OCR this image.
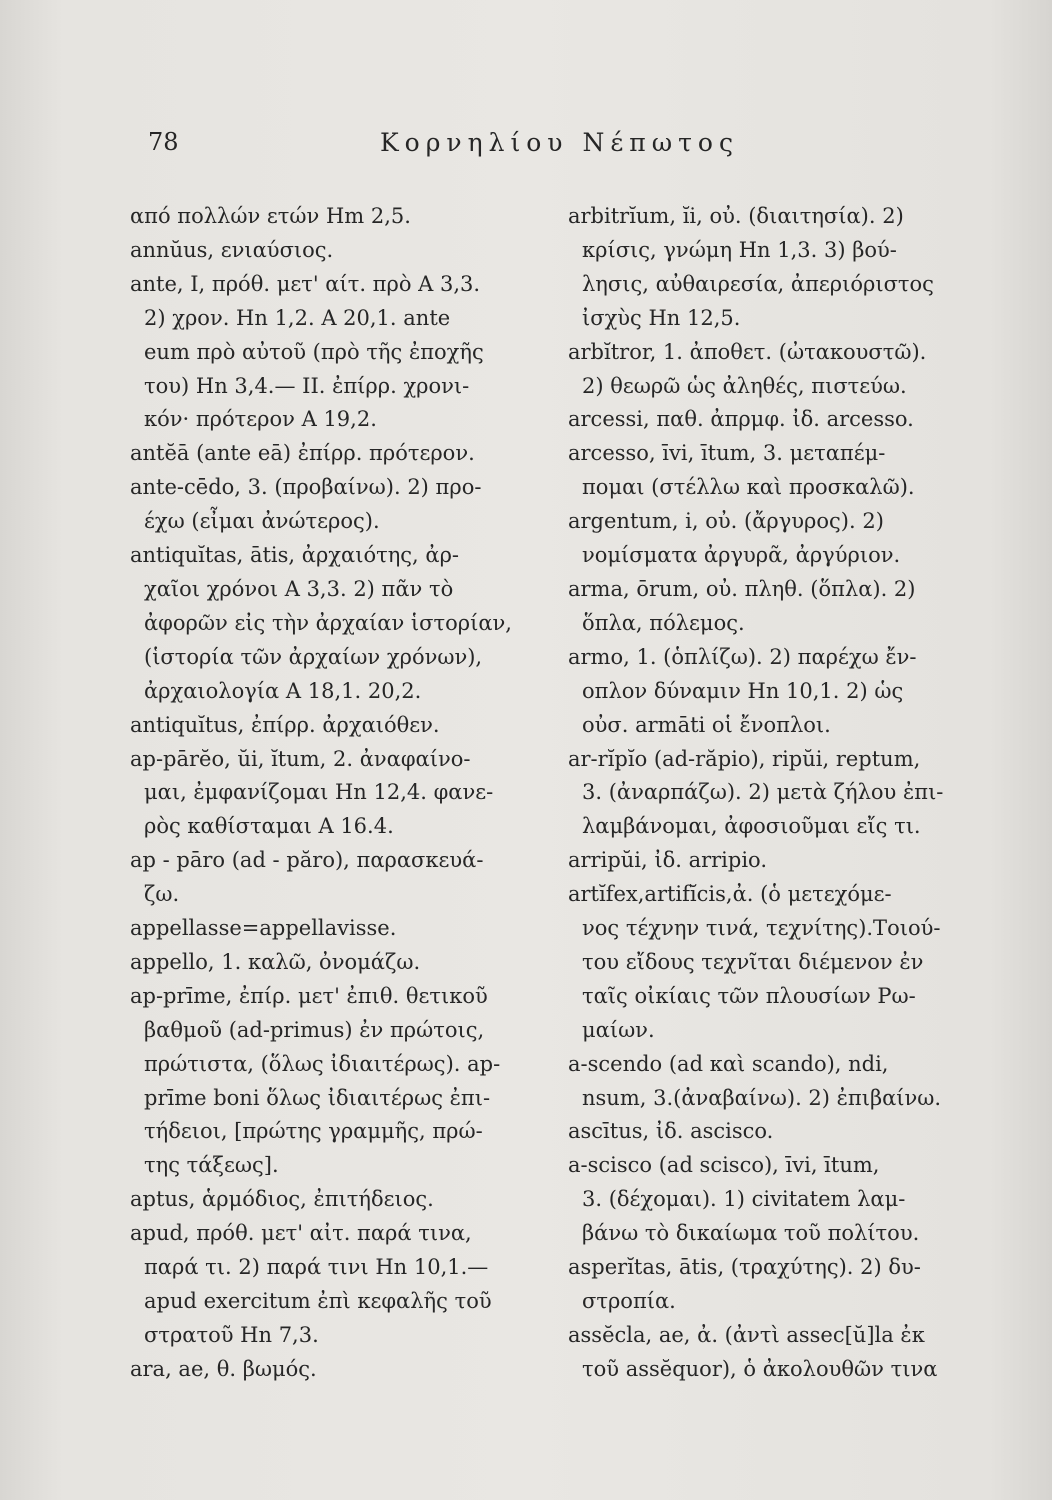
78	Κορνηλίου Νέπωτος

από πολλών ετών Hm 2,5.

annŭus, ενιαύσιος.

ante, I, πρόθ. μετ' αίτ. πρὸ Α 3,3.
2) χρον. Hn 1,2. A 20,1. ante
eum πρὸ αὐτοῦ (πρὸ τῆς ἐποχῆς
του) Hn 3,4.— II. ἐπίρρ. χρονι-
κόν· πρότερον Α 19,2.

antĕā (ante eā) ἐπίρρ. πρότερον.

ante-cēdo, 3. (προβαίνω). 2) προ-
έχω (εἶμαι ἀνώτερος).

antiquĭtas, ātis, ἀρχαιότης, ἀρ-
χαῖοι χρόνοι Α 3,3. 2) πᾶν τὸ
ἀφορῶν εἰς τὴν ἀρχαίαν ἱστορίαν,
(ἱστορία τῶν ἀρχαίων χρόνων),
ἀρχαιολογία Α 18,1. 20,2.

antiquĭtus, ἐπίρρ. ἀρχαιόθεν.

ap-pārĕo, ŭi, ĭtum, 2. ἀναφαίνο-
μαι, ἐμφανίζομαι Hn 12,4. φανε-
ρὸς καθίσταμαι Α 16.4.

ap - pāro (ad - păro), παρασκευά-
ζω.

appellasse=appellavisse.

appello, 1. καλῶ, ὀνομάζω.

ap-prīme, ἐπίρ. μετ' ἐπιθ. θετικοῦ
βαθμοῦ (ad-primus) ἐν πρώτοις,
πρώτιστα, (ὅλως ἰδιαιτέρως). ap-
prīme boni ὅλως ἰδιαιτέρως ἐπι-
τήδειοι, [πρώτης γραμμῆς, πρώ-
της τάξεως].

aptus, ἁρμόδιος, ἐπιτήδειος.

apud, πρόθ. μετ' αἰτ. παρά τινα,
παρά τι. 2) παρά τινι Hn 10,1.—
apud exercitum ἐπὶ κεφαλῆς τοῦ
στρατοῦ Hn 7,3.

ara, ae, θ. βωμός.

arbitrĭum, ĭi, οὐ. (διαιτησία). 2)
κρίσις, γνώμη Hn 1,3. 3) βού-
λησις, αὐθαιρεσία, ἀπεριόριστος
ἰσχὺς Hn 12,5.

arbĭtror, 1. ἀποθετ. (ὠτακουστῶ).
2) θεωρῶ ὡς ἀληθές, πιστεύω.

arcessi, παθ. ἀπρμφ. ἰδ. arcesso.

arcesso, īvi, ītum, 3. μεταπέμ-
πομαι (στέλλω καὶ προσκαλῶ).

argentum, i, οὐ. (ἄργυρος). 2)
νομίσματα ἀργυρᾶ, ἀργύριον.

arma, ōrum, οὐ. πληθ. (ὅπλα). 2)
ὅπλα, πόλεμος.

armo, 1. (ὁπλίζω). 2) παρέχω ἔν-
οπλον δύναμιν Hn 10,1. 2) ὡς
οὐσ. armāti οἱ ἔνοπλοι.

ar-rĭpĭo (ad-răpio), ripŭi, reptum,
3. (ἀναρπάζω). 2) μετὰ ζήλου ἐπι-
λαμβάνομαι, ἀφοσιοῦμαι εἴς τι.

arripŭi, ἰδ. arripio.

artĭfex,artifĭcis,ἀ. (ὁ μετεχόμε-
νος τέχνην τινά, τεχνίτης).Τοιού-
του εἴδους τεχνῖται διέμενον ἐν
ταῖς οἰκίαις τῶν πλουσίων Ρω-
μαίων.

a-scendo (ad καὶ scando), ndi,
nsum, 3.(ἀναβαίνω). 2) ἐπιβαίνω.

ascītus, ἰδ. ascisco.

a-scisco (ad scisco), īvi, ītum,
3. (δέχομαι). 1) civitatem λαμ-
βάνω τὸ δικαίωμα τοῦ πολίτου.

asperĭtas, ātis, (τραχύτης). 2) δυ-
στροπία.

assĕcla, ae, ἀ. (ἀντὶ assec[ŭ]la ἐκ
τοῦ assĕquor), ὁ ἀκολουθῶν τινα
